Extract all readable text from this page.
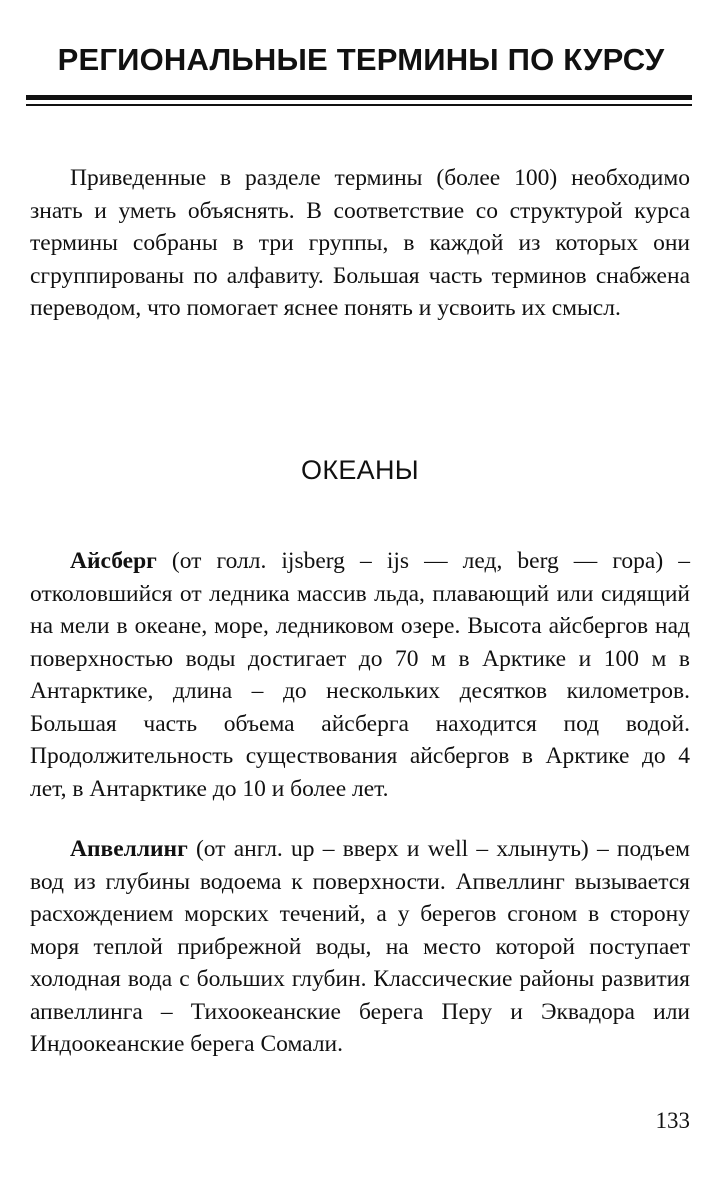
РЕГИОНАЛЬНЫЕ ТЕРМИНЫ ПО КУРСУ

Приведенные в разделе термины (более 100) необходимо знать и уметь объяснять. В соответствие со структурой курса термины собраны в три группы, в каждой из которых они сгруппированы по алфавиту. Большая часть терминов снабжена переводом, что помогает яснее понять и усвоить их смысл.

ОКЕАНЫ

Айсберг (от голл. ijsberg – ijs — лед, berg — гора) – отколовшийся от ледника массив льда, плавающий или сидящий на мели в океане, море, ледниковом озере. Высота айсбергов над поверхностью воды достигает до 70 м в Арктике и 100 м в Антарктике, длина – до нескольких десятков километров. Большая часть объема айсберга находится под водой. Продолжительность существования айсбергов в Арктике до 4 лет, в Антарктике до 10 и более лет.

Апвеллинг (от англ. up – вверх и well – хлынуть) – подъем вод из глубины водоема к поверхности. Апвеллинг вызывается расхождением морских течений, а у берегов сгоном в сторону моря теплой прибрежной воды, на место которой поступает холодная вода с больших глубин. Классические районы развития апвеллинга – Тихоокеанские берега Перу и Эквадора или Индоокеанские берега Сомали.

133
